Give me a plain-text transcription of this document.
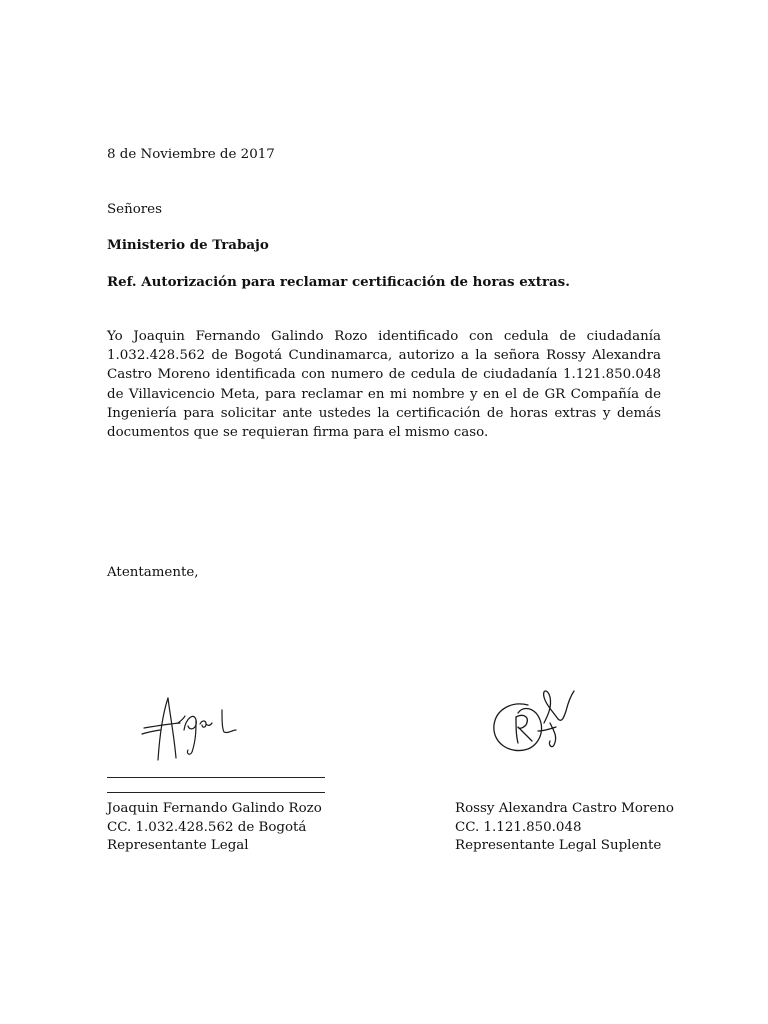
8 de Noviembre de 2017
Señores
Ministerio de Trabajo
Ref. Autorización para reclamar certificación de horas extras.

Yo Joaquin Fernando Galindo Rozo identificado con cedula de ciudadanía 1.032.428.562 de Bogotá Cundinamarca, autorizo a la señora Rossy Alexandra Castro Moreno identificada con numero de cedula de ciudadanía 1.121.850.048 de Villavicencio Meta, para reclamar en mi nombre y en el de GR Compañía de Ingeniería para solicitar ante ustedes la certificación de horas extras y demás documentos que se requieran firma para el mismo caso.

Atentamente,
Joaquin Fernando Galindo Rozo
CC. 1.032.428.562 de Bogotá
Representante Legal
Rossy Alexandra Castro Moreno
CC. 1.121.850.048
Representante Legal Suplente
